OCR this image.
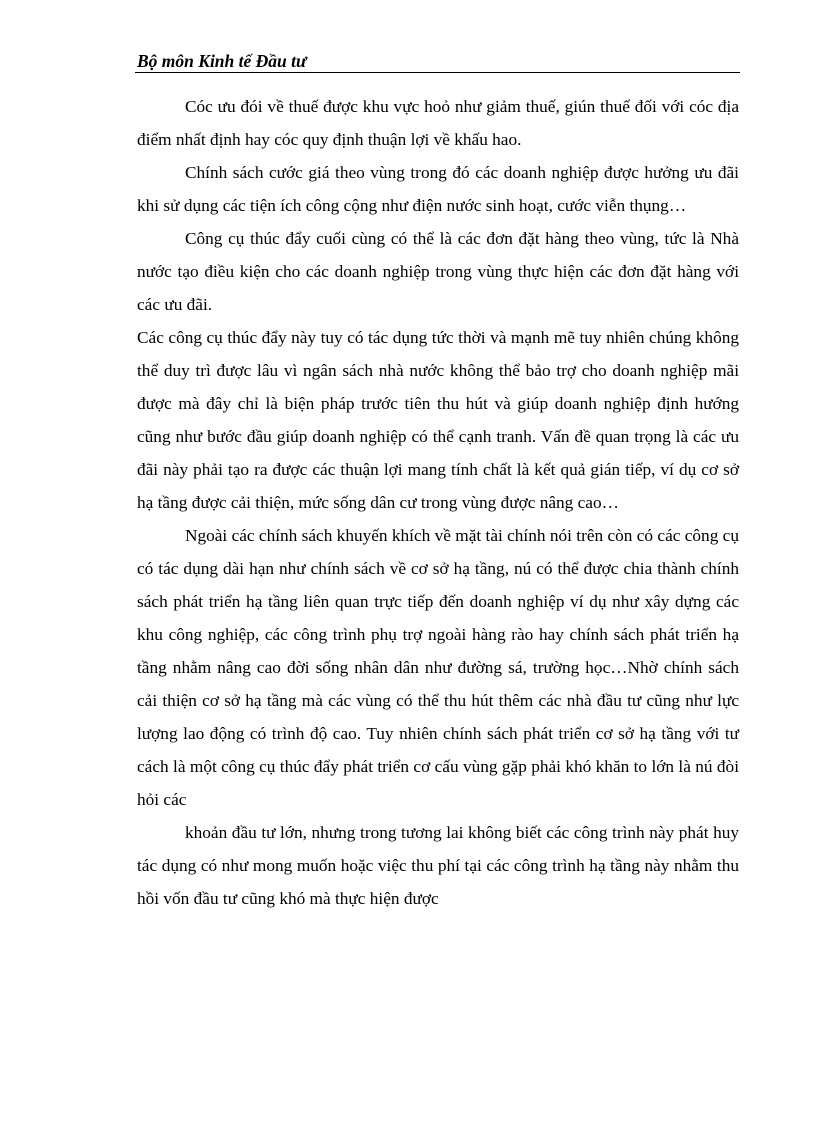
Bộ môn Kinh tế Đầu tư

Cóc ưu đói về thuế được khu vực hoỏ như giảm thuế, giún thuế đối với cóc địa điểm nhất định hay cóc quy định thuận lợi về khấu hao.

Chính sách cước giá theo vùng trong đó các doanh nghiệp được hưởng ưu đãi khi sử dụng các tiện ích công cộng như điện nước sinh hoạt, cước viễn thụng…

Công cụ thúc đẩy cuối cùng có thể là các đơn đặt hàng theo vùng, tức là Nhà nước tạo điều kiện cho các doanh nghiệp trong vùng thực hiện các đơn đặt hàng với các ưu đãi.

Các công cụ thúc đẩy này tuy có tác dụng tức thời và mạnh mẽ tuy nhiên chúng không thể duy trì được lâu vì ngân sách nhà nước không thể bảo trợ cho doanh nghiệp mãi được mà đây chỉ là biện pháp trước tiên thu hút và giúp doanh nghiệp định hướng cũng như bước đầu giúp doanh nghiệp có thể cạnh tranh. Vấn đề quan trọng là các ưu đãi này phải tạo ra được các thuận lợi mang tính chất là kết quả gián tiếp, ví dụ cơ sở hạ tầng được cải thiện, mức sống dân cư trong vùng được nâng cao…

Ngoài các chính sách khuyến khích về mặt tài chính nói trên còn có các công cụ có tác dụng dài hạn như chính sách về cơ sở hạ tầng, nú có thể được chia thành chính sách phát triển hạ tầng liên quan trực tiếp đến doanh nghiệp ví dụ như xây dựng các khu công nghiệp, các công trình phụ trợ ngoài hàng rào hay chính sách phát triển hạ tầng nhằm nâng cao đời sống nhân dân như đường sá, trường học…Nhờ chính sách cải thiện cơ sở hạ tầng mà các vùng có thể thu hút thêm các nhà đầu tư cũng như lực lượng lao động có trình độ cao. Tuy nhiên chính sách phát triển cơ sở hạ tầng với tư cách là một công cụ thúc đẩy phát triển cơ cấu vùng gặp phải khó khăn to lớn là nú đòi hỏi các

khoản đầu tư lớn, nhưng trong tương lai không biết các công trình này phát huy tác dụng có như mong muốn hoặc việc thu phí tại các công trình hạ tầng này nhằm thu hồi vốn đầu tư cũng khó mà thực hiện được
